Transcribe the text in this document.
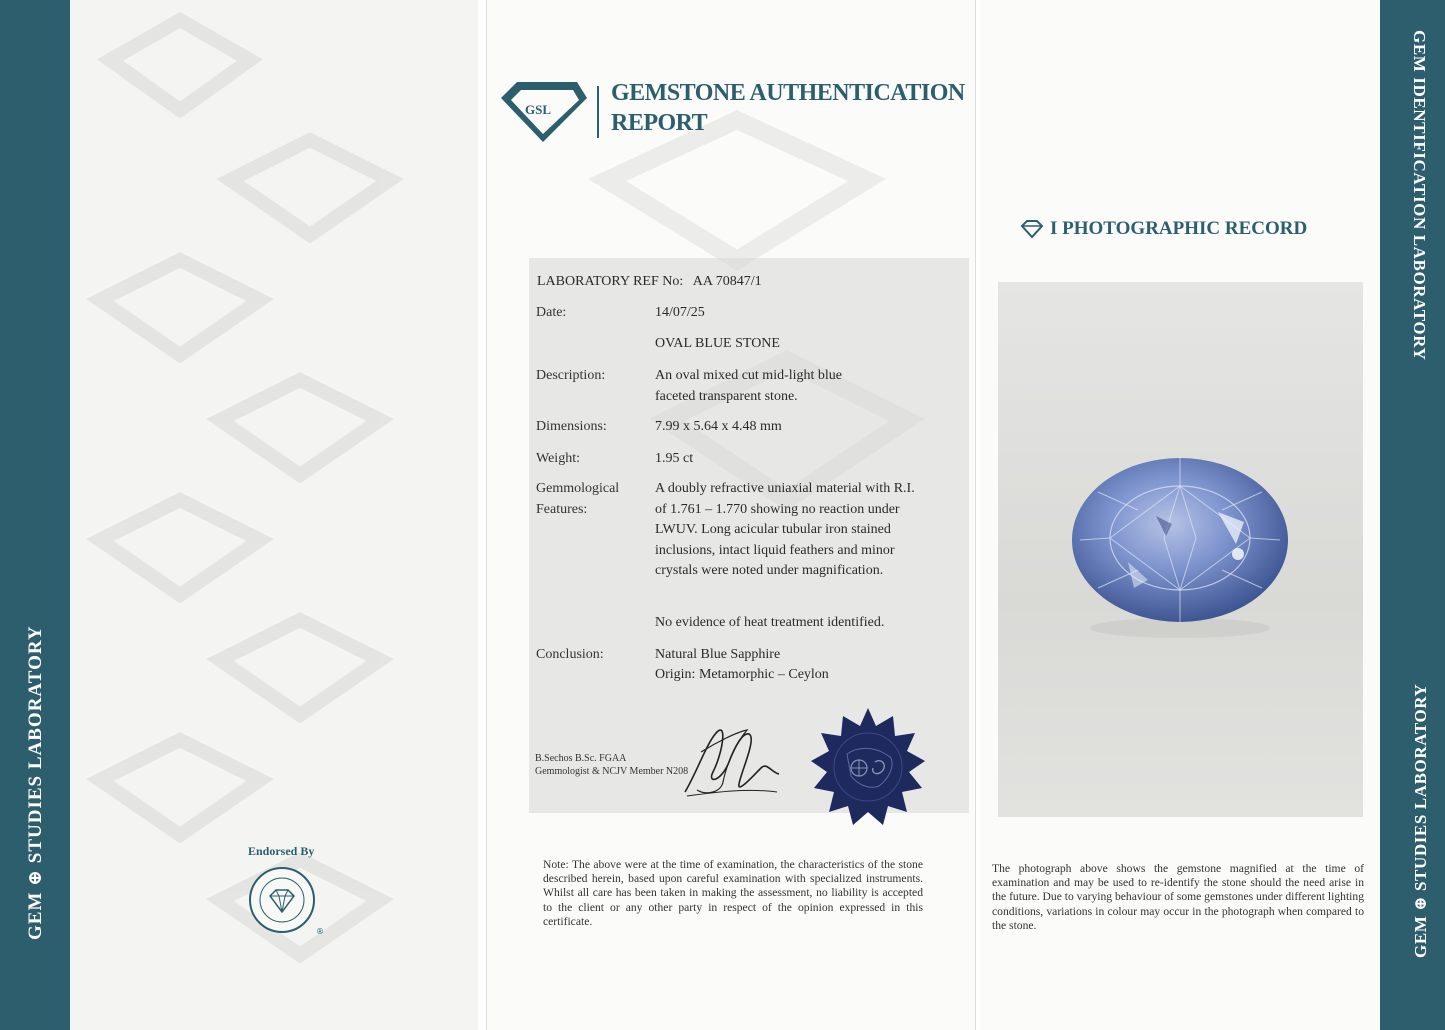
GEM ⊕ STUDIES LABORATORY	Endorsed By
®
GSL
GEMSTONE AUTHENTICATION
REPORT
LABORATORY REF No: AA 70847/1
Date:	14/07/25
OVAL BLUE STONE
Description:	An oval mixed cut mid-light blue faceted transparent stone.
Dimensions:	7.99 x 5.64 x 4.48 mm
Weight:	1.95 ct
Gemmological
Features:
A doubly refractive uniaxial material with R.I. of 1.761 – 1.770 showing no reaction under LWUV. Long acicular tubular iron stained inclusions, intact liquid feathers and minor crystals were noted under magnification.
No evidence of heat treatment identified.
Conclusion:	Natural Blue Sapphire
Origin: Metamorphic – Ceylon
B.Sechos B.Sc. FGAA
Gemmologist & NCJV Member N208
Note: The above were at the time of examination, the characteristics of the stone described herein, based upon careful examination with specialized instruments. Whilst all care has been taken in making the assessment, no liability is accepted to the client or any other party in respect of the opinion expressed in this certificate.
GEM IDENTIFICATION LABORATORY
GEM ⊕ STUDIES LABORATORY
I PHOTOGRAPHIC RECORD
The photograph above shows the gemstone magnified at the time of examination and may be used to re-identify the stone should the need arise in the future. Due to varying behaviour of some gemstones under different lighting conditions, variations in colour may occur in the photograph when compared to the stone.
